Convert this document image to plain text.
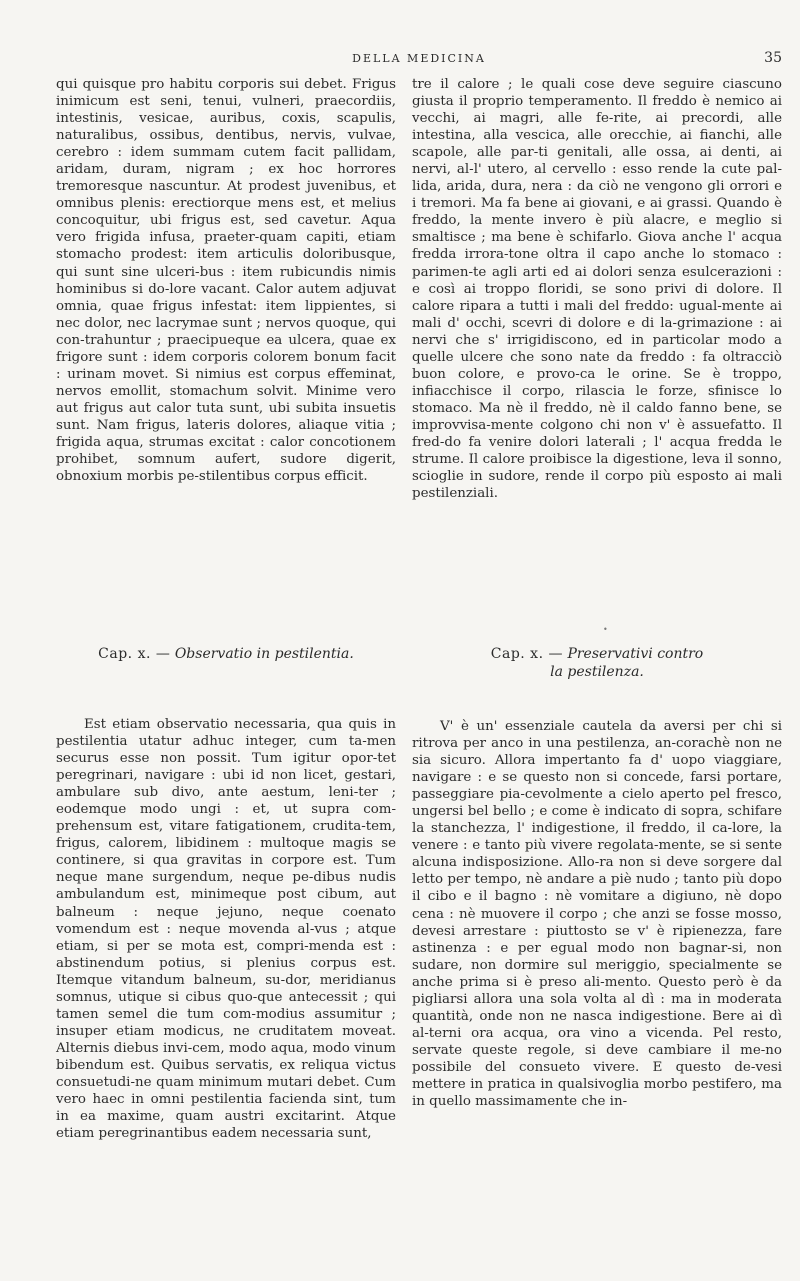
DELLA MEDICINA	35

qui quisque pro habitu corporis sui debet. Frigus inimicum est seni, tenui, vulneri, praecordiis, intestinis, vesicae, auribus, coxis, scapulis, naturalibus, ossibus, dentibus, nervis, vulvae, cerebro : idem summam cutem facit pallidam, aridam, duram, nigram ; ex hoc horrores tremoresque nascuntur. At prodest juvenibus, et omnibus plenis: erectiorque mens est, et melius concoquitur, ubi frigus est, sed cavetur. Aqua vero frigida infusa, praeter-quam capiti, etiam stomacho prodest: item articulis doloribusque, qui sunt sine ulceri-bus : item rubicundis nimis hominibus si do-lore vacant. Calor autem adjuvat omnia, quae frigus infestat: item lippientes, si nec dolor, nec lacrymae sunt ; nervos quoque, qui con-trahuntur ; praecipueque ea ulcera, quae ex frigore sunt : idem corporis colorem bonum facit : urinam movet. Si nimius est corpus effeminat, nervos emollit, stomachum solvit. Minime vero aut frigus aut calor tuta sunt, ubi subita insuetis sunt. Nam frigus, lateris dolores, aliaque vitia ; frigida aqua, strumas excitat : calor concotionem prohibet, somnum aufert, sudore digerit, obnoxium morbis pe-stilentibus corpus efficit.

tre il calore ; le quali cose deve seguire ciascuno giusta il proprio temperamento. Il freddo è nemico ai vecchi, ai magri, alle fe-rite, ai precordi, alle intestina, alla vescica, alle orecchie, ai fianchi, alle scapole, alle par-ti genitali, alle ossa, ai denti, ai nervi, al-l' utero, al cervello : esso rende la cute pal-lida, arida, dura, nera : da ciò ne vengono gli orrori e i tremori. Ma fa bene ai giovani, e ai grassi. Quando è freddo, la mente invero è più alacre, e meglio si smaltisce ; ma bene è schifarlo. Giova anche l' acqua fredda irrora-tone oltra il capo anche lo stomaco : parimen-te agli arti ed ai dolori senza esulcerazioni : e così ai troppo floridi, se sono privi di dolore. Il calore ripara a tutti i mali del freddo: ugual-mente ai mali d' occhi, scevri di dolore e di la-grimazione : ai nervi che s' irrigidiscono, ed in particolar modo a quelle ulcere che sono nate da freddo : fa oltracciò buon colore, e provo-ca le orine. Se è troppo, infiacchisce il corpo, rilascia le forze, sfinisce lo stomaco. Ma nè il freddo, nè il caldo fanno bene, se improvvisa-mente colgono chi non v' è assuefatto. Il fred-do fa venire dolori laterali ; l' acqua fredda le strume. Il calore proibisce la digestione, leva il sonno, scioglie in sudore, rende il corpo più esposto ai mali pestilenziali.

•
Cap. x. — Observatio in pestilentia.	Cap. x. — Preservativi contro
la pestilenza.

Est etiam observatio necessaria, qua quis in pestilentia utatur adhuc integer, cum ta-men securus esse non possit. Tum igitur opor-tet peregrinari, navigare : ubi id non licet, gestari, ambulare sub divo, ante aestum, leni-ter ; eodemque modo ungi : et, ut supra com-prehensum est, vitare fatigationem, crudita-tem, frigus, calorem, libidinem : multoque magis se continere, si qua gravitas in corpore est. Tum neque mane surgendum, neque pe-dibus nudis ambulandum est, minimeque post cibum, aut balneum : neque jejuno, neque coenato vomendum est : neque movenda al-vus ; atque etiam, si per se mota est, compri-menda est : abstinendum potius, si plenius corpus est. Itemque vitandum balneum, su-dor, meridianus somnus, utique si cibus quo-que antecessit ; qui tamen semel die tum com-modius assumitur ; insuper etiam modicus, ne cruditatem moveat. Alternis diebus invi-cem, modo aqua, modo vinum bibendum est. Quibus servatis, ex reliqua victus consuetudi-ne quam minimum mutari debet. Cum vero haec in omni pestilentia facienda sint, tum in ea maxime, quam austri excitarint. Atque etiam peregrinantibus eadem necessaria sunt,

V' è un' essenziale cautela da aversi per chi si ritrova per anco in una pestilenza, an-corachè non ne sia sicuro. Allora impertanto fa d' uopo viaggiare, navigare : e se questo non si concede, farsi portare, passeggiare pia-cevolmente a cielo aperto pel fresco, ungersi bel bello ; e come è indicato di sopra, schifare la stanchezza, l' indigestione, il freddo, il ca-lore, la venere : e tanto più vivere regolata-mente, se si sente alcuna indisposizione. Allo-ra non si deve sorgere dal letto per tempo, nè andare a piè nudo ; tanto più dopo il cibo e il bagno : nè vomitare a digiuno, nè dopo cena : nè muovere il corpo ; che anzi se fosse mosso, devesi arrestare : piuttosto se v' è ripienezza, fare astinenza : e per egual modo non bagnar-si, non sudare, non dormire sul meriggio, specialmente se anche prima si è preso ali-mento. Questo però è da pigliarsi allora una sola volta al dì : ma in moderata quantità, onde non ne nasca indigestione. Bere ai dì al-terni ora acqua, ora vino a vicenda. Pel resto, servate queste regole, si deve cambiare il me-no possibile del consueto vivere. E questo de-vesi mettere in pratica in qualsivoglia morbo pestifero, ma in quello massimamente che in-
